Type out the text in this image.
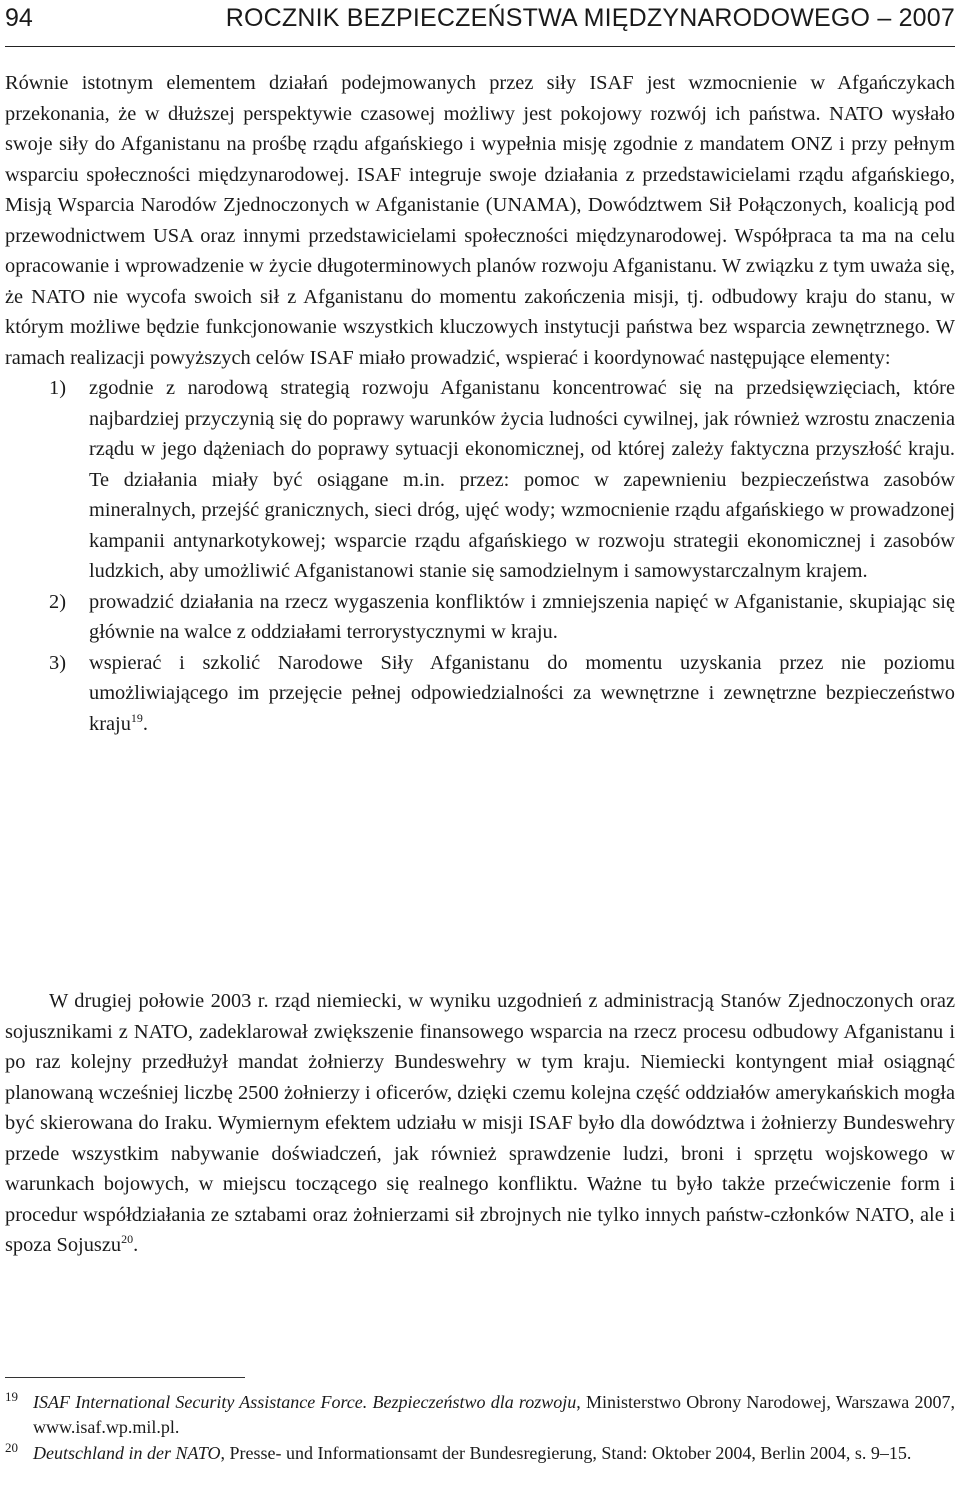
94	ROCZNIK BEZPIECZEŃSTWA MIĘDZYNARODOWEGO – 2007

Równie istotnym elementem działań podejmowanych przez siły ISAF jest wzmocnienie w Afgańczykach przekonania, że w dłuższej perspektywie czasowej możliwy jest pokojowy rozwój ich państwa. NATO wysłało swoje siły do Afganistanu na prośbę rządu afgańskiego i wypełnia misję zgodnie z mandatem ONZ i przy pełnym wsparciu społeczności międzynarodowej. ISAF integruje swoje działania z przedstawicielami rządu afgańskiego, Misją Wsparcia Narodów Zjednoczonych w Afganistanie (UNAMA), Dowództwem Sił Połączonych, koalicją pod przewodnictwem USA oraz innymi przedstawicielami społeczności międzynarodowej. Współpraca ta ma na celu opracowanie i wprowadzenie w życie długoterminowych planów rozwoju Afganistanu. W związku z tym uważa się, że NATO nie wycofa swoich sił z Afganistanu do momentu zakończenia misji, tj. odbudowy kraju do stanu, w którym możliwe będzie funkcjonowanie wszystkich kluczowych instytucji państwa bez wsparcia zewnętrznego. W ramach realizacji powyższych celów ISAF miało prowadzić, wspierać i koordynować następujące elementy:

1) zgodnie z narodową strategią rozwoju Afganistanu koncentrować się na przedsięwzięciach, które najbardziej przyczynią się do poprawy warunków życia ludności cywilnej, jak również wzrostu znaczenia rządu w jego dążeniach do poprawy sytuacji ekonomicznej, od której zależy faktyczna przyszłość kraju. Te działania miały być osiągane m.in. przez: pomoc w zapewnieniu bezpieczeństwa zasobów mineralnych, przejść granicznych, sieci dróg, ujęć wody; wzmocnienie rządu afgańskiego w prowadzonej kampanii antynarkotykowej; wsparcie rządu afgańskiego w rozwoju strategii ekonomicznej i zasobów ludzkich, aby umożliwić Afganistanowi stanie się samodzielnym i samowystarczalnym krajem.
2) prowadzić działania na rzecz wygaszenia konfliktów i zmniejszenia napięć w Afganistanie, skupiając się głównie na walce z oddziałami terrorystycznymi w kraju.
3) wspierać i szkolić Narodowe Siły Afganistanu do momentu uzyskania przez nie poziomu umożliwiającego im przejęcie pełnej odpowiedzialności za wewnętrzne i zewnętrzne bezpieczeństwo kraju$^{19}$.
W drugiej połowie 2003 r. rząd niemiecki, w wyniku uzgodnień z administracją Stanów Zjednoczonych oraz sojusznikami z NATO, zadeklarował zwiększenie finansowego wsparcia na rzecz procesu odbudowy Afganistanu i po raz kolejny przedłużył mandat żołnierzy Bundeswehry w tym kraju. Niemiecki kontyngent miał osiągnąć planowaną wcześniej liczbę 2500 żołnierzy i oficerów, dzięki czemu kolejna część oddziałów amerykańskich mogła być skierowana do Iraku. Wymiernym efektem udziału w misji ISAF było dla dowództwa i żołnierzy Bundeswehry przede wszystkim nabywanie doświadczeń, jak również sprawdzenie ludzi, broni i sprzętu wojskowego w warunkach bojowych, w miejscu toczącego się realnego konfliktu. Ważne tu było także przećwiczenie form i procedur współdziałania ze sztabami oraz żołnierzami sił zbrojnych nie tylko innych państw-członków NATO, ale i spoza Sojuszu$^{20}$.
19 ISAF International Security Assistance Force. Bezpieczeństwo dla rozwoju, Ministerstwo Obrony Narodowej, Warszawa 2007, www.isaf.wp.mil.pl.
20 Deutschland in der NATO, Presse- und Informationsamt der Bundesregierung, Stand: Oktober 2004, Berlin 2004, s. 9–15.
